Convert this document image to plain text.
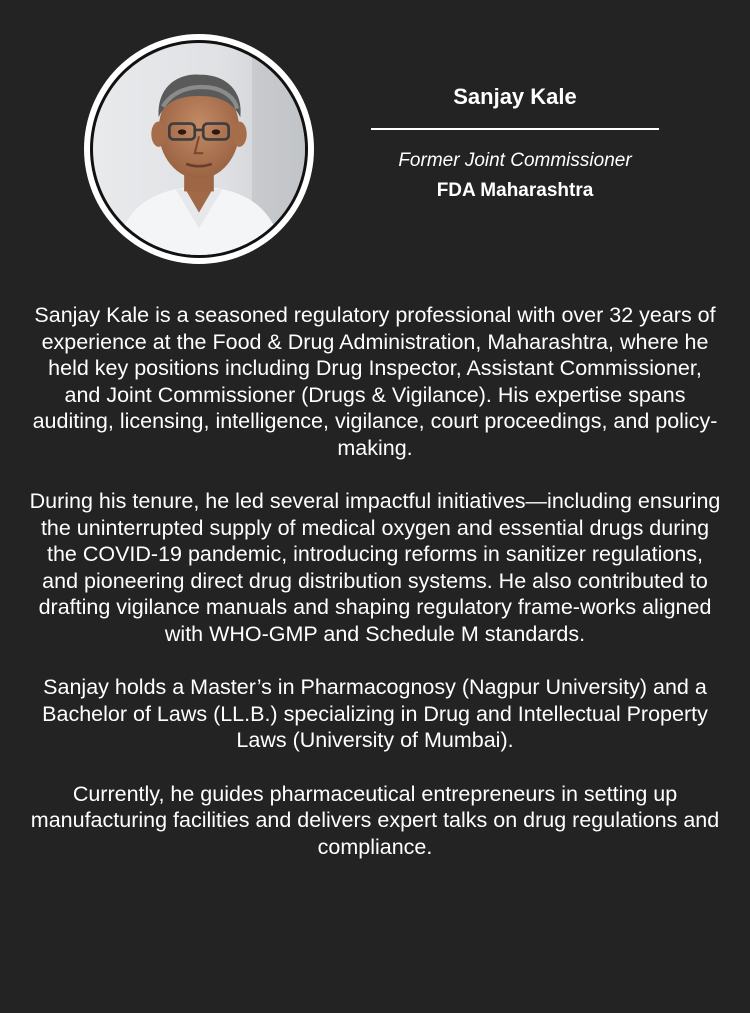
Sanjay Kale
Former Joint Commissioner
FDA Maharashtra

Sanjay Kale is a seasoned regulatory professional with over 32 years of experience at the Food & Drug Administration, Maharashtra, where he held key positions including Drug Inspector, Assistant Commissioner, and Joint Commissioner (Drugs & Vigilance). His expertise spans auditing, licensing, intelligence, vigilance, court proceedings, and policy-making.

During his tenure, he led several impactful initiatives—including ensuring the uninterrupted supply of medical oxygen and essential drugs during the COVID-19 pandemic, introducing reforms in sanitizer regulations, and pioneering direct drug distribution systems. He also contributed to drafting vigilance manuals and shaping regulatory frame-works aligned with WHO-GMP and Schedule M standards.

Sanjay holds a Master’s in Pharmacognosy (Nagpur University) and a Bachelor of Laws (LL.B.) specializing in Drug and Intellectual Property Laws (University of Mumbai).

Currently, he guides pharmaceutical entrepreneurs in setting up manufacturing facilities and delivers expert talks on drug regulations and compliance.
